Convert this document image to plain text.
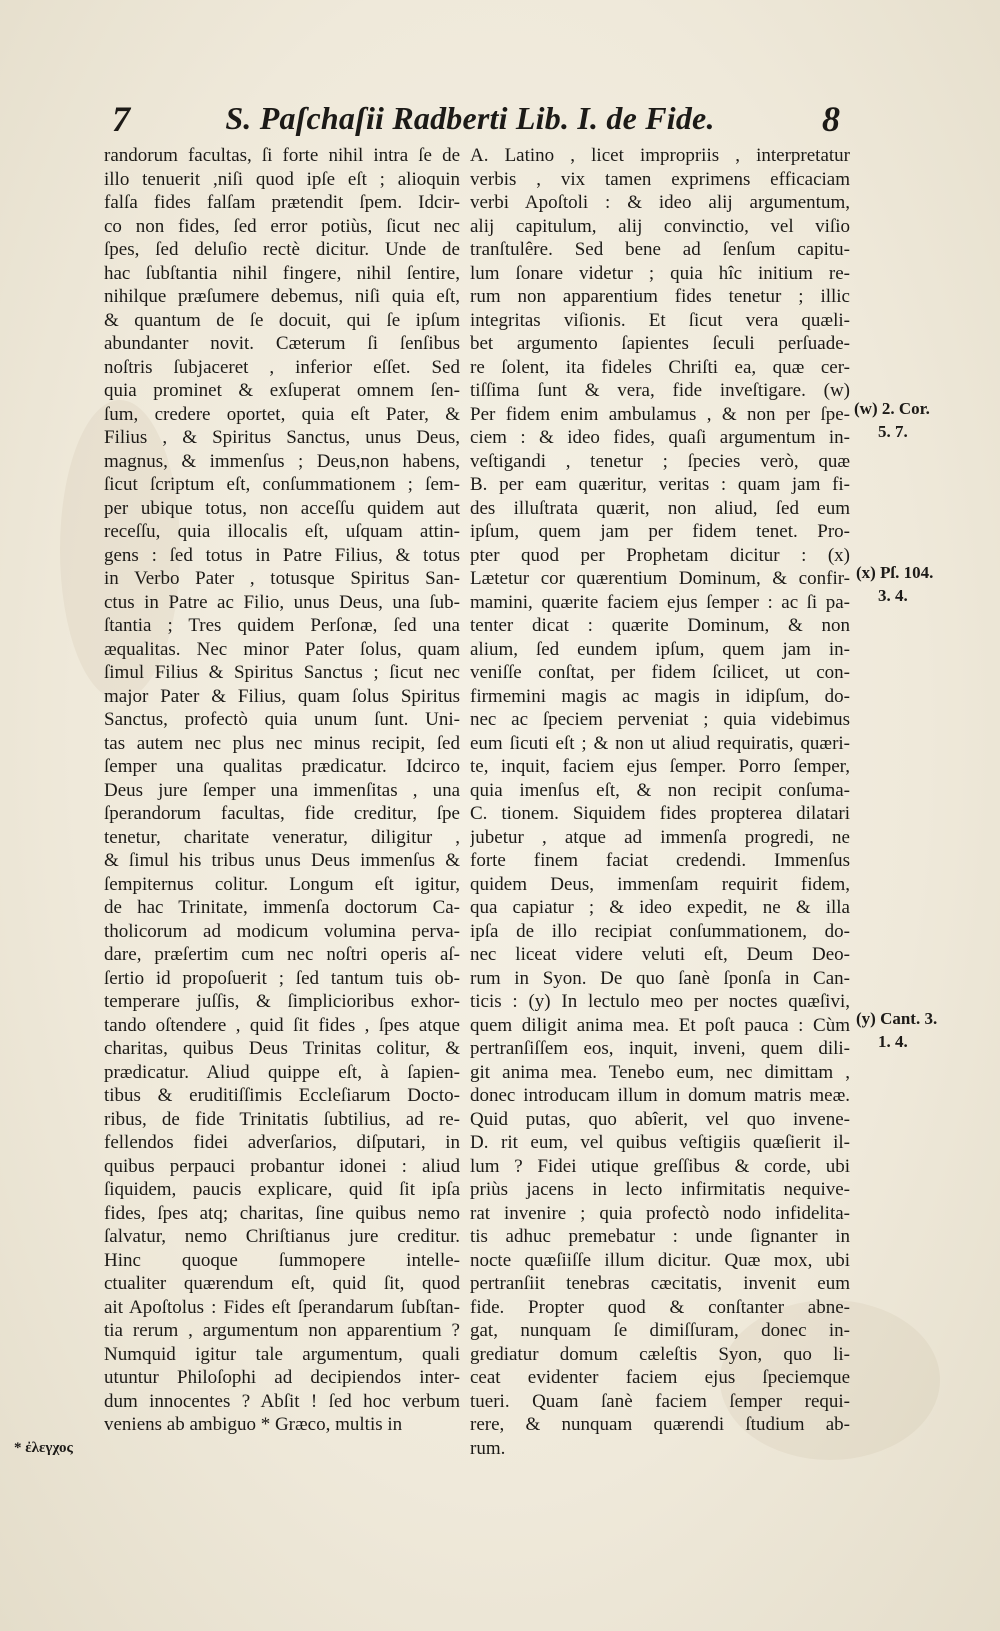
7	S. Paſchaſii Radberti Lib. I. de Fide.	8
randorum facultas, ſi forte nihil intra ſe de
illo tenuerit ,niſi quod ipſe eſt ; alioquin
falſa fides falſam prætendit ſpem. Idcir-
co non fides, ſed error potiùs, ſicut nec
ſpes, ſed deluſio rectè dicitur. Unde de
hac ſubſtantia nihil fingere, nihil ſentire,
nihilque præſumere debemus, niſi quia eſt,
& quantum de ſe docuit, qui ſe ipſum
abundanter novit. Cæterum ſi ſenſibus
noſtris ſubjaceret , inferior eſſet. Sed
quia prominet & exſuperat omnem ſen-
ſum, credere oportet, quia eſt Pater, &
Filius , & Spiritus Sanctus, unus Deus,
magnus, & immenſus ; Deus,non habens,
ſicut ſcriptum eſt, conſummationem ; ſem-
per ubique totus, non acceſſu quidem aut
receſſu, quia illocalis eſt, uſquam attin-
gens : ſed totus in Patre Filius, & totus
in Verbo Pater , totusque Spiritus San-
ctus in Patre ac Filio, unus Deus, una ſub-
ſtantia ; Tres quidem Perſonæ, ſed una
æqualitas. Nec minor Pater ſolus, quam
ſimul Filius & Spiritus Sanctus ; ſicut nec
major Pater & Filius, quam ſolus Spiritus
Sanctus, profectò quia unum ſunt. Uni-
tas autem nec plus nec minus recipit, ſed
ſemper una qualitas prædicatur. Idcirco
Deus jure ſemper una immenſitas , una
ſperandorum facultas, fide creditur, ſpe
tenetur, charitate veneratur, diligitur ,
& ſimul his tribus unus Deus immenſus &
ſempiternus colitur. Longum eſt igitur,
de hac Trinitate, immenſa doctorum Ca-
tholicorum ad modicum volumina perva-
dare, præſertim cum nec noſtri operis aſ-
ſertio id propoſuerit ; ſed tantum tuis ob-
temperare juſſis, & ſimplicioribus exhor-
tando oſtendere , quid ſit fides , ſpes atque
charitas, quibus Deus Trinitas colitur, &
prædicatur. Aliud quippe eſt, à ſapien-
tibus & eruditiſſimis Eccleſiarum Docto-
ribus, de fide Trinitatis ſubtilius, ad re-
fellendos fidei adverſarios, diſputari, in
quibus perpauci probantur idonei : aliud
ſiquidem, paucis explicare, quid ſit ipſa
fides, ſpes atq; charitas, ſine quibus nemo
ſalvatur, nemo Chriſtianus jure creditur.
Hinc quoque ſummopere intelle-
ctualiter quærendum eſt, quid ſit, quod
ait Apoſtolus : Fides eſt ſperandarum ſubſtan-
tia rerum , argumentum non apparentium ?
Numquid igitur tale argumentum, quali
utuntur Philoſophi ad decipiendos inter-
dum innocentes ? Abſit ! ſed hoc verbum
veniens ab ambiguo * Græco, multis in
A. Latino , licet impropriis , interpretatur
verbis , vix tamen exprimens efficaciam
verbi Apoſtoli : & ideo alij argumentum,
alij capitulum, alij convinctio, vel viſio
tranſtulêre. Sed bene ad ſenſum capitu-
lum ſonare videtur ; quia hîc initium re-
rum non apparentium fides tenetur ; illic
integritas viſionis. Et ſicut vera quæli-
bet argumento ſapientes ſeculi perſuade-
re ſolent, ita fideles Chriſti ea, quæ cer-
tiſſima ſunt & vera, fide inveſtigare. (w)
Per fidem enim ambulamus , & non per ſpe-
ciem : & ideo fides, quaſi argumentum in-
veſtigandi , tenetur ; ſpecies verò, quæ
B. per eam quæritur, veritas : quam jam fi-
des illuſtrata quærit, non aliud, ſed eum
ipſum, quem jam per fidem tenet. Pro-
pter quod per Prophetam dicitur : (x)
Lætetur cor quærentium Dominum, & confir-
mamini, quærite faciem ejus ſemper : ac ſi pa-
tenter dicat : quærite Dominum, & non
alium, ſed eundem ipſum, quem jam in-
veniſſe conſtat, per fidem ſcilicet, ut con-
firmemini magis ac magis in idipſum, do-
nec ac ſpeciem perveniat ; quia videbimus
eum ſicuti eſt ; & non ut aliud requiratis, quæri-
te, inquit, faciem ejus ſemper. Porro ſemper,
quia imenſus eſt, & non recipit conſuma-
C. tionem. Siquidem fides propterea dilatari
jubetur , atque ad immenſa progredi, ne
forte finem faciat credendi. Immenſus
quidem Deus, immenſam requirit fidem,
qua capiatur ; & ideo expedit, ne & illa
ipſa de illo recipiat conſummationem, do-
nec liceat videre veluti eſt, Deum Deo-
rum in Syon. De quo ſanè ſponſa in Can-
ticis : (y) In lectulo meo per noctes quæſivi,
quem diligit anima mea. Et poſt pauca : Cùm
pertranſiſſem eos, inquit, inveni, quem dili-
git anima mea. Tenebo eum, nec dimittam ,
donec introducam illum in domum matris meæ.
Quid putas, quo abîerit, vel quo invene-
D. rit eum, vel quibus veſtigiis quæſierit il-
lum ? Fidei utique greſſibus & corde, ubi
priùs jacens in lecto infirmitatis nequive-
rat invenire ; quia profectò nodo infidelita-
tis adhuc premebatur : unde ſignanter in
nocte quæſiiſſe illum dicitur. Quæ mox, ubi
pertranſiit tenebras cæcitatis, invenit eum
fide. Propter quod & conſtanter abne-
gat, nunquam ſe dimiſſuram, donec in-
grediatur domum cæleſtis Syon, quo li-
ceat evidenter faciem ejus ſpeciemque
tueri. Quam ſanè faciem ſemper requi-
rere, & nunquam quærendi ſtudium ab-
rum.
(w) 2. Cor.
5. 7.
(x) Pſ. 104.
3. 4.
(y) Cant. 3.
1. 4.
* ἐλεγχος
